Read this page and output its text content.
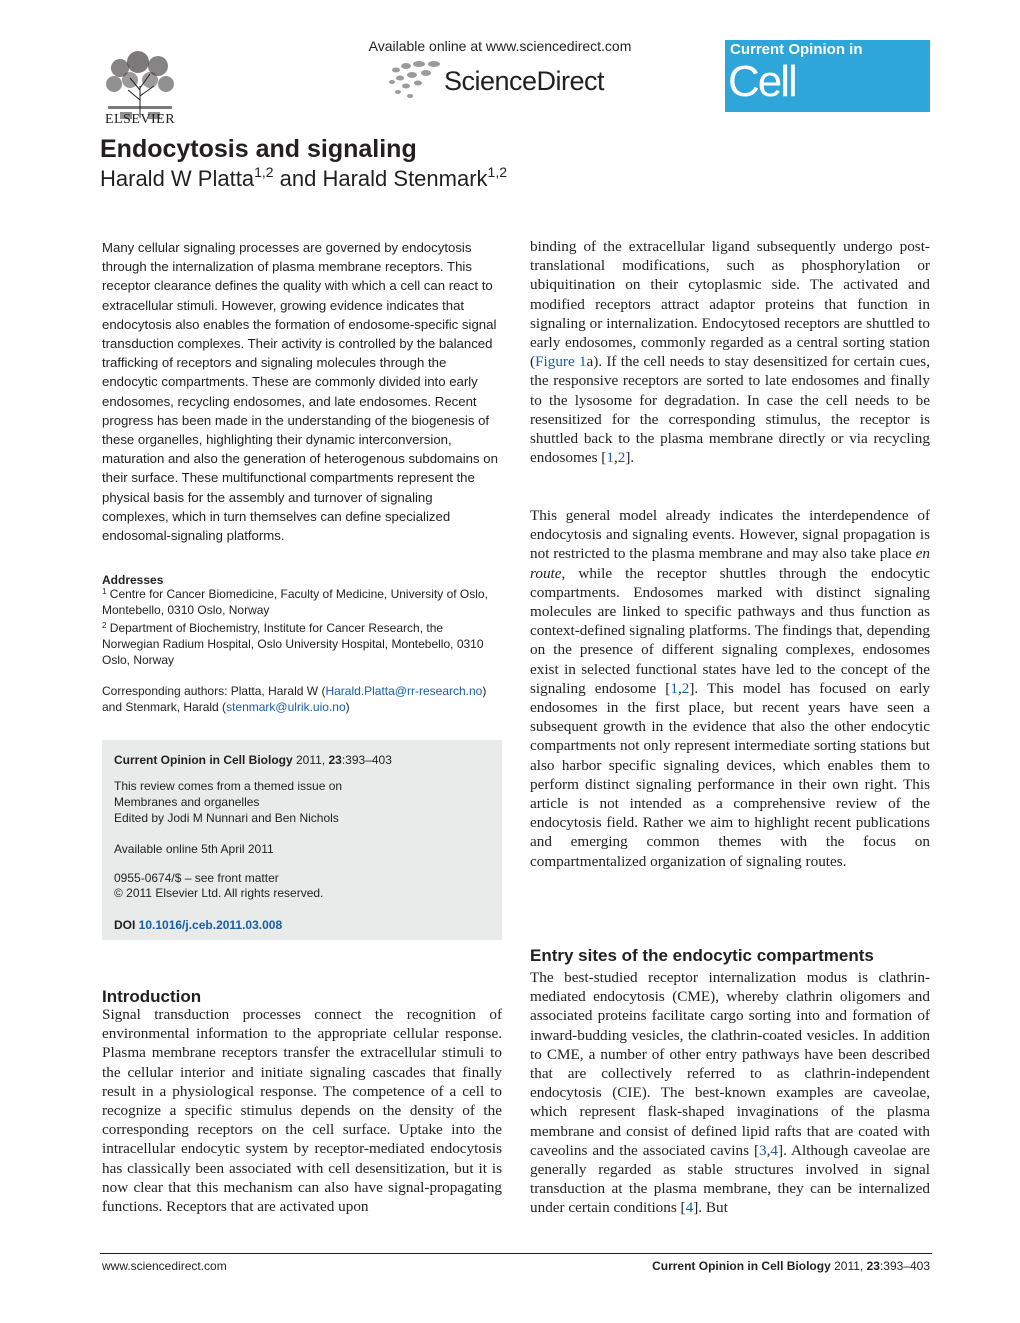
ELSEVIER
Available online at www.sciencedirect.com
ScienceDirect
Current Opinion in
Cell Biology
Endocytosis and signaling
Harald W Platta$^{1,2}$ and Harald Stenmark$^{1,2}$

Many cellular signaling processes are governed by endocytosis through the internalization of plasma membrane receptors. This receptor clearance defines the quality with which a cell can react to extracellular stimuli. However, growing evidence indicates that endocytosis also enables the formation of endosome-specific signal transduction complexes. Their activity is controlled by the balanced trafficking of receptors and signaling molecules through the endocytic compartments. These are commonly divided into early endosomes, recycling endosomes, and late endosomes. Recent progress has been made in the understanding of the biogenesis of these organelles, highlighting their dynamic interconversion, maturation and also the generation of heterogenous subdomains on their surface. These multifunctional compartments represent the physical basis for the assembly and turnover of signaling complexes, which in turn themselves can define specialized endosomal-signaling platforms.

Addresses

$^1$ Centre for Cancer Biomedicine, Faculty of Medicine, University of Oslo, Montebello, 0310 Oslo, Norway

$^2$ Department of Biochemistry, Institute for Cancer Research, the Norwegian Radium Hospital, Oslo University Hospital, Montebello, 0310 Oslo, Norway

Corresponding authors: Platta, Harald W (Harald.Platta@rr-research.no) and Stenmark, Harald (stenmark@ulrik.uio.no)

Current Opinion in Cell Biology 2011, 23:393–403

This review comes from a themed issue on

Membranes and organelles

Edited by Jodi M Nunnari and Ben Nichols

Available online 5th April 2011

0955-0674/$ – see front matter

© 2011 Elsevier Ltd. All rights reserved.

DOI 10.1016/j.ceb.2011.03.008

Introduction

Signal transduction processes connect the recognition of environmental information to the appropriate cellular response. Plasma membrane receptors transfer the extracellular stimuli to the cellular interior and initiate signaling cascades that finally result in a physiological response. The competence of a cell to recognize a specific stimulus depends on the density of the corresponding receptors on the cell surface. Uptake into the intracellular endocytic system by receptor-mediated endocytosis has classically been associated with cell desensitization, but it is now clear that this mechanism can also have signal-propagating functions. Receptors that are activated upon

binding of the extracellular ligand subsequently undergo post-translational modifications, such as phosphorylation or ubiquitination on their cytoplasmic side. The activated and modified receptors attract adaptor proteins that function in signaling or internalization. Endocytosed receptors are shuttled to early endosomes, commonly regarded as a central sorting station (Figure 1a). If the cell needs to stay desensitized for certain cues, the responsive receptors are sorted to late endosomes and finally to the lysosome for degradation. In case the cell needs to be resensitized for the corresponding stimulus, the receptor is shuttled back to the plasma membrane directly or via recycling endosomes [1,2].

This general model already indicates the interdependence of endocytosis and signaling events. However, signal propagation is not restricted to the plasma membrane and may also take place en route, while the receptor shuttles through the endocytic compartments. Endosomes marked with distinct signaling molecules are linked to specific pathways and thus function as context-defined signaling platforms. The findings that, depending on the presence of different signaling complexes, endosomes exist in selected functional states have led to the concept of the signaling endosome [1,2]. This model has focused on early endosomes in the first place, but recent years have seen a subsequent growth in the evidence that also the other endocytic compartments not only represent intermediate sorting stations but also harbor specific signaling devices, which enables them to perform distinct signaling performance in their own right. This article is not intended as a comprehensive review of the endocytosis field. Rather we aim to highlight recent publications and emerging common themes with the focus on compartmentalized organization of signaling routes.

Entry sites of the endocytic compartments

The best-studied receptor internalization modus is clathrin-mediated endocytosis (CME), whereby clathrin oligomers and associated proteins facilitate cargo sorting into and formation of inward-budding vesicles, the clathrin-coated vesicles. In addition to CME, a number of other entry pathways have been described that are collectively referred to as clathrin-independent endocytosis (CIE). The best-known examples are caveolae, which represent flask-shaped invaginations of the plasma membrane and consist of defined lipid rafts that are coated with caveolins and the associated cavins [3,4]. Although caveolae are generally regarded as stable structures involved in signal transduction at the plasma membrane, they can be internalized under certain conditions [4]. But

www.sciencedirect.com	Current Opinion in Cell Biology 2011, 23:393–403
